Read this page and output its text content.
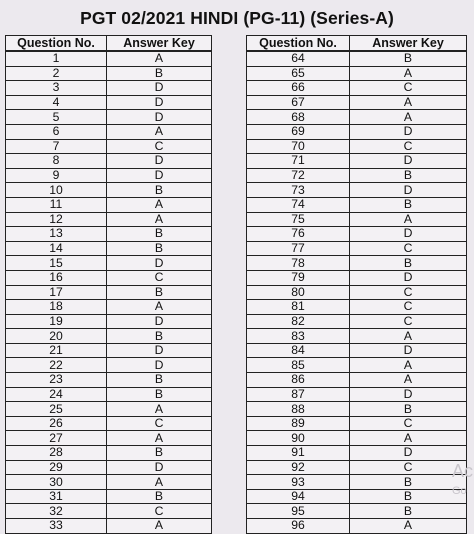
PGT 02/2021 HINDI (PG-11) (Series-A)
Question No.	Answer Key
1	A
2	B
3	D
4	D
5	D
6	A
7	C
8	D
9	D
10	B
11	A
12	A
13	B
14	B
15	D
16	C
17	B
18	A
19	D
20	B
21	D
22	D
23	B
24	B
25	A
26	C
27	A
28	B
29	D
30	A
31	B
32	C
33	A
Question No.	Answer Key
64	B
65	A
66	C
67	A
68	A
69	D
70	C
71	D
72	B
73	D
74	B
75	A
76	D
77	C
78	B
79	D
80	C
81	C
82	C
83	A
84	D
85	A
86	A
87	D
88	B
89	C
90	A
91	D
92	C
93	B
94	B
95	B
96	A
Ac
Go
